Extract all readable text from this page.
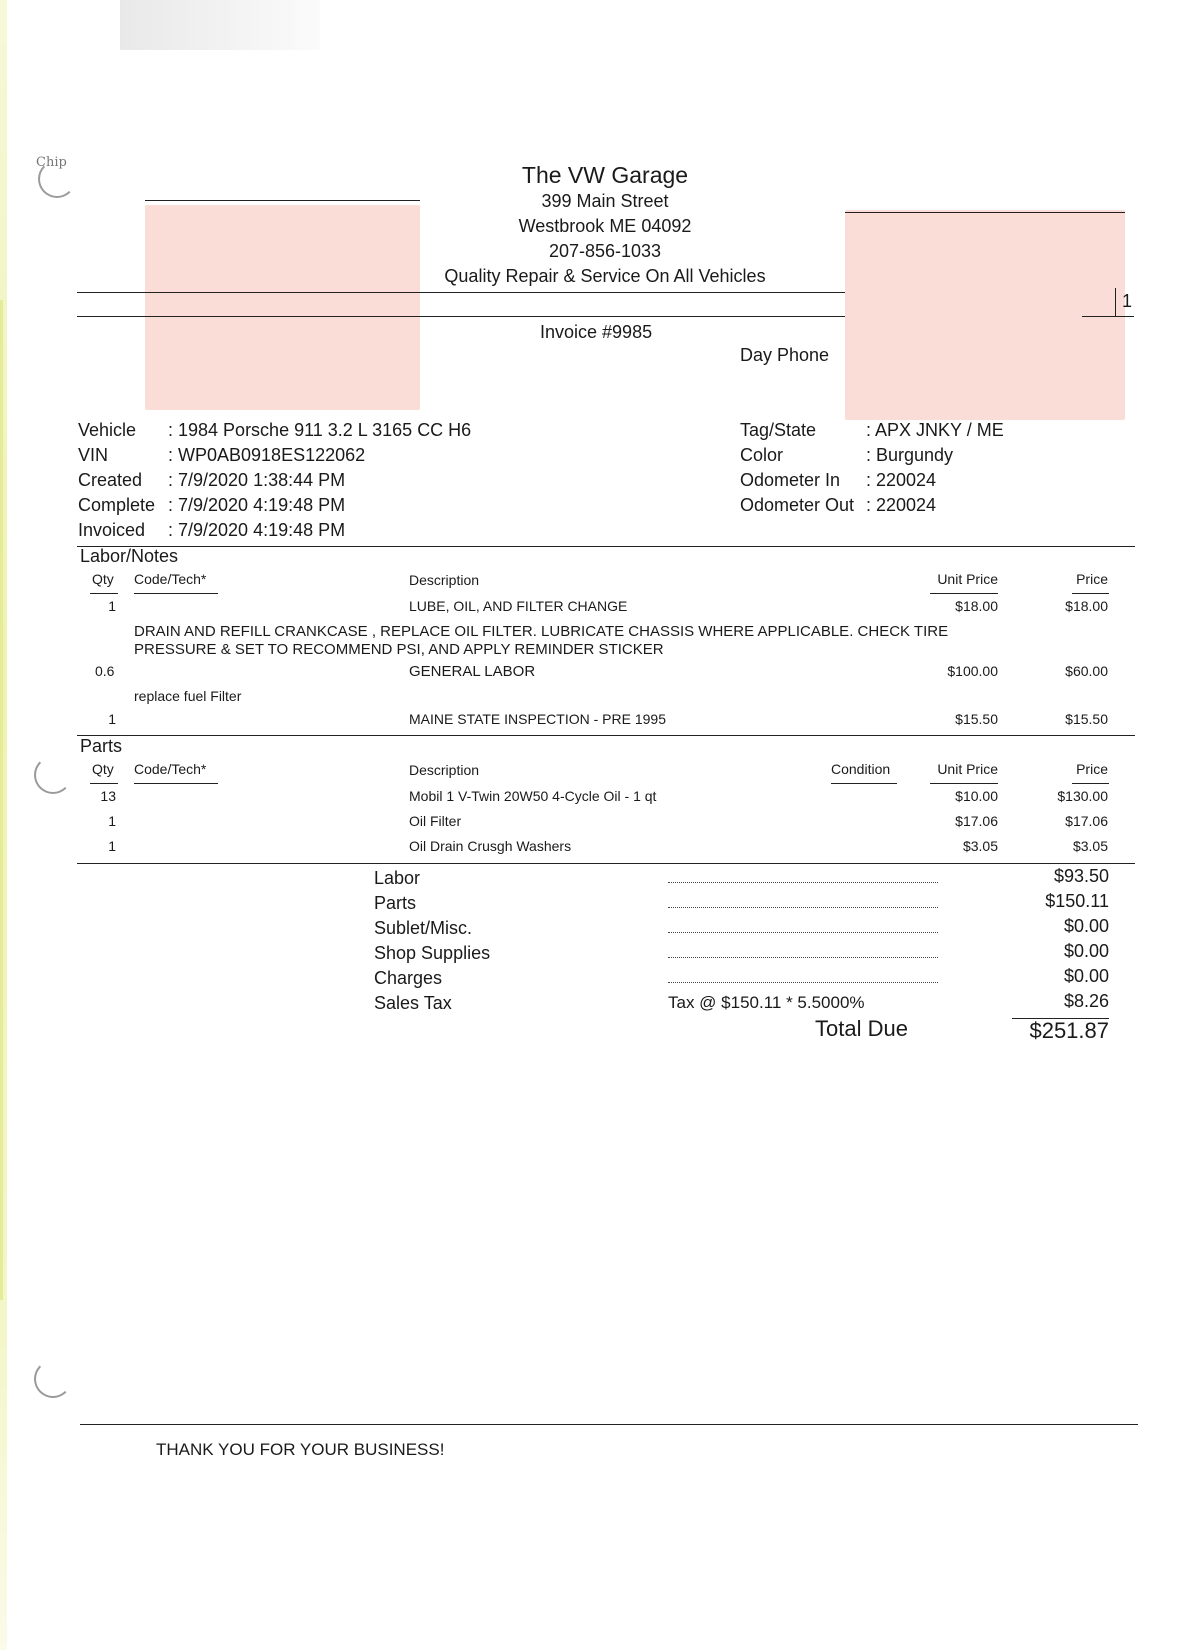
Chip	The VW Garage
399 Main Street
Westbrook ME 04092
207-856-1033
Quality Repair & Service On All Vehicles
1
Invoice #9985
Day Phone
Vehicle : 1984 Porsche 911 3.2 L 3165 CC H6
VIN	: WP0AB0918ES122062
Created : 7/9/2020 1:38:44 PM
Complete : 7/9/2020 4:19:48 PM
Invoiced : 7/9/2020 4:19:48 PM
Tag/State	: APX JNKY / ME
Color	: Burgundy
Odometer In : 220024
Odometer Out : 220024
Labor/Notes
Qty Code/Tech*	Description	Unit Price	Price
1	LUBE, OIL, AND FILTER CHANGE	$18.00	$18.00
DRAIN AND REFILL CRANKCASE , REPLACE OIL FILTER. LUBRICATE CHASSIS WHERE APPLICABLE. CHECK TIRE
PRESSURE & SET TO RECOMMEND PSI, AND APPLY REMINDER STICKER
0.6	GENERAL LABOR	$100.00	$60.00
replace fuel Filter
1	MAINE STATE INSPECTION - PRE 1995	$15.50	$15.50
Parts
Qty Code/Tech*	Description	Condition	Unit Price	Price
13	Mobil 1 V-Twin 20W50 4-Cycle Oil - 1 qt	$10.00	$130.00
1	Oil Filter	$17.06	$17.06
1	Oil Drain Crusgh Washers	$3.05	$3.05
Labor	$93.50
Parts	$150.11
Sublet/Misc.	$0.00
Shop Supplies	$0.00
Charges	$0.00
Sales Tax	Tax @ $150.11 * 5.5000%	$8.26
Total Due	$251.87
THANK YOU FOR YOUR BUSINESS!
